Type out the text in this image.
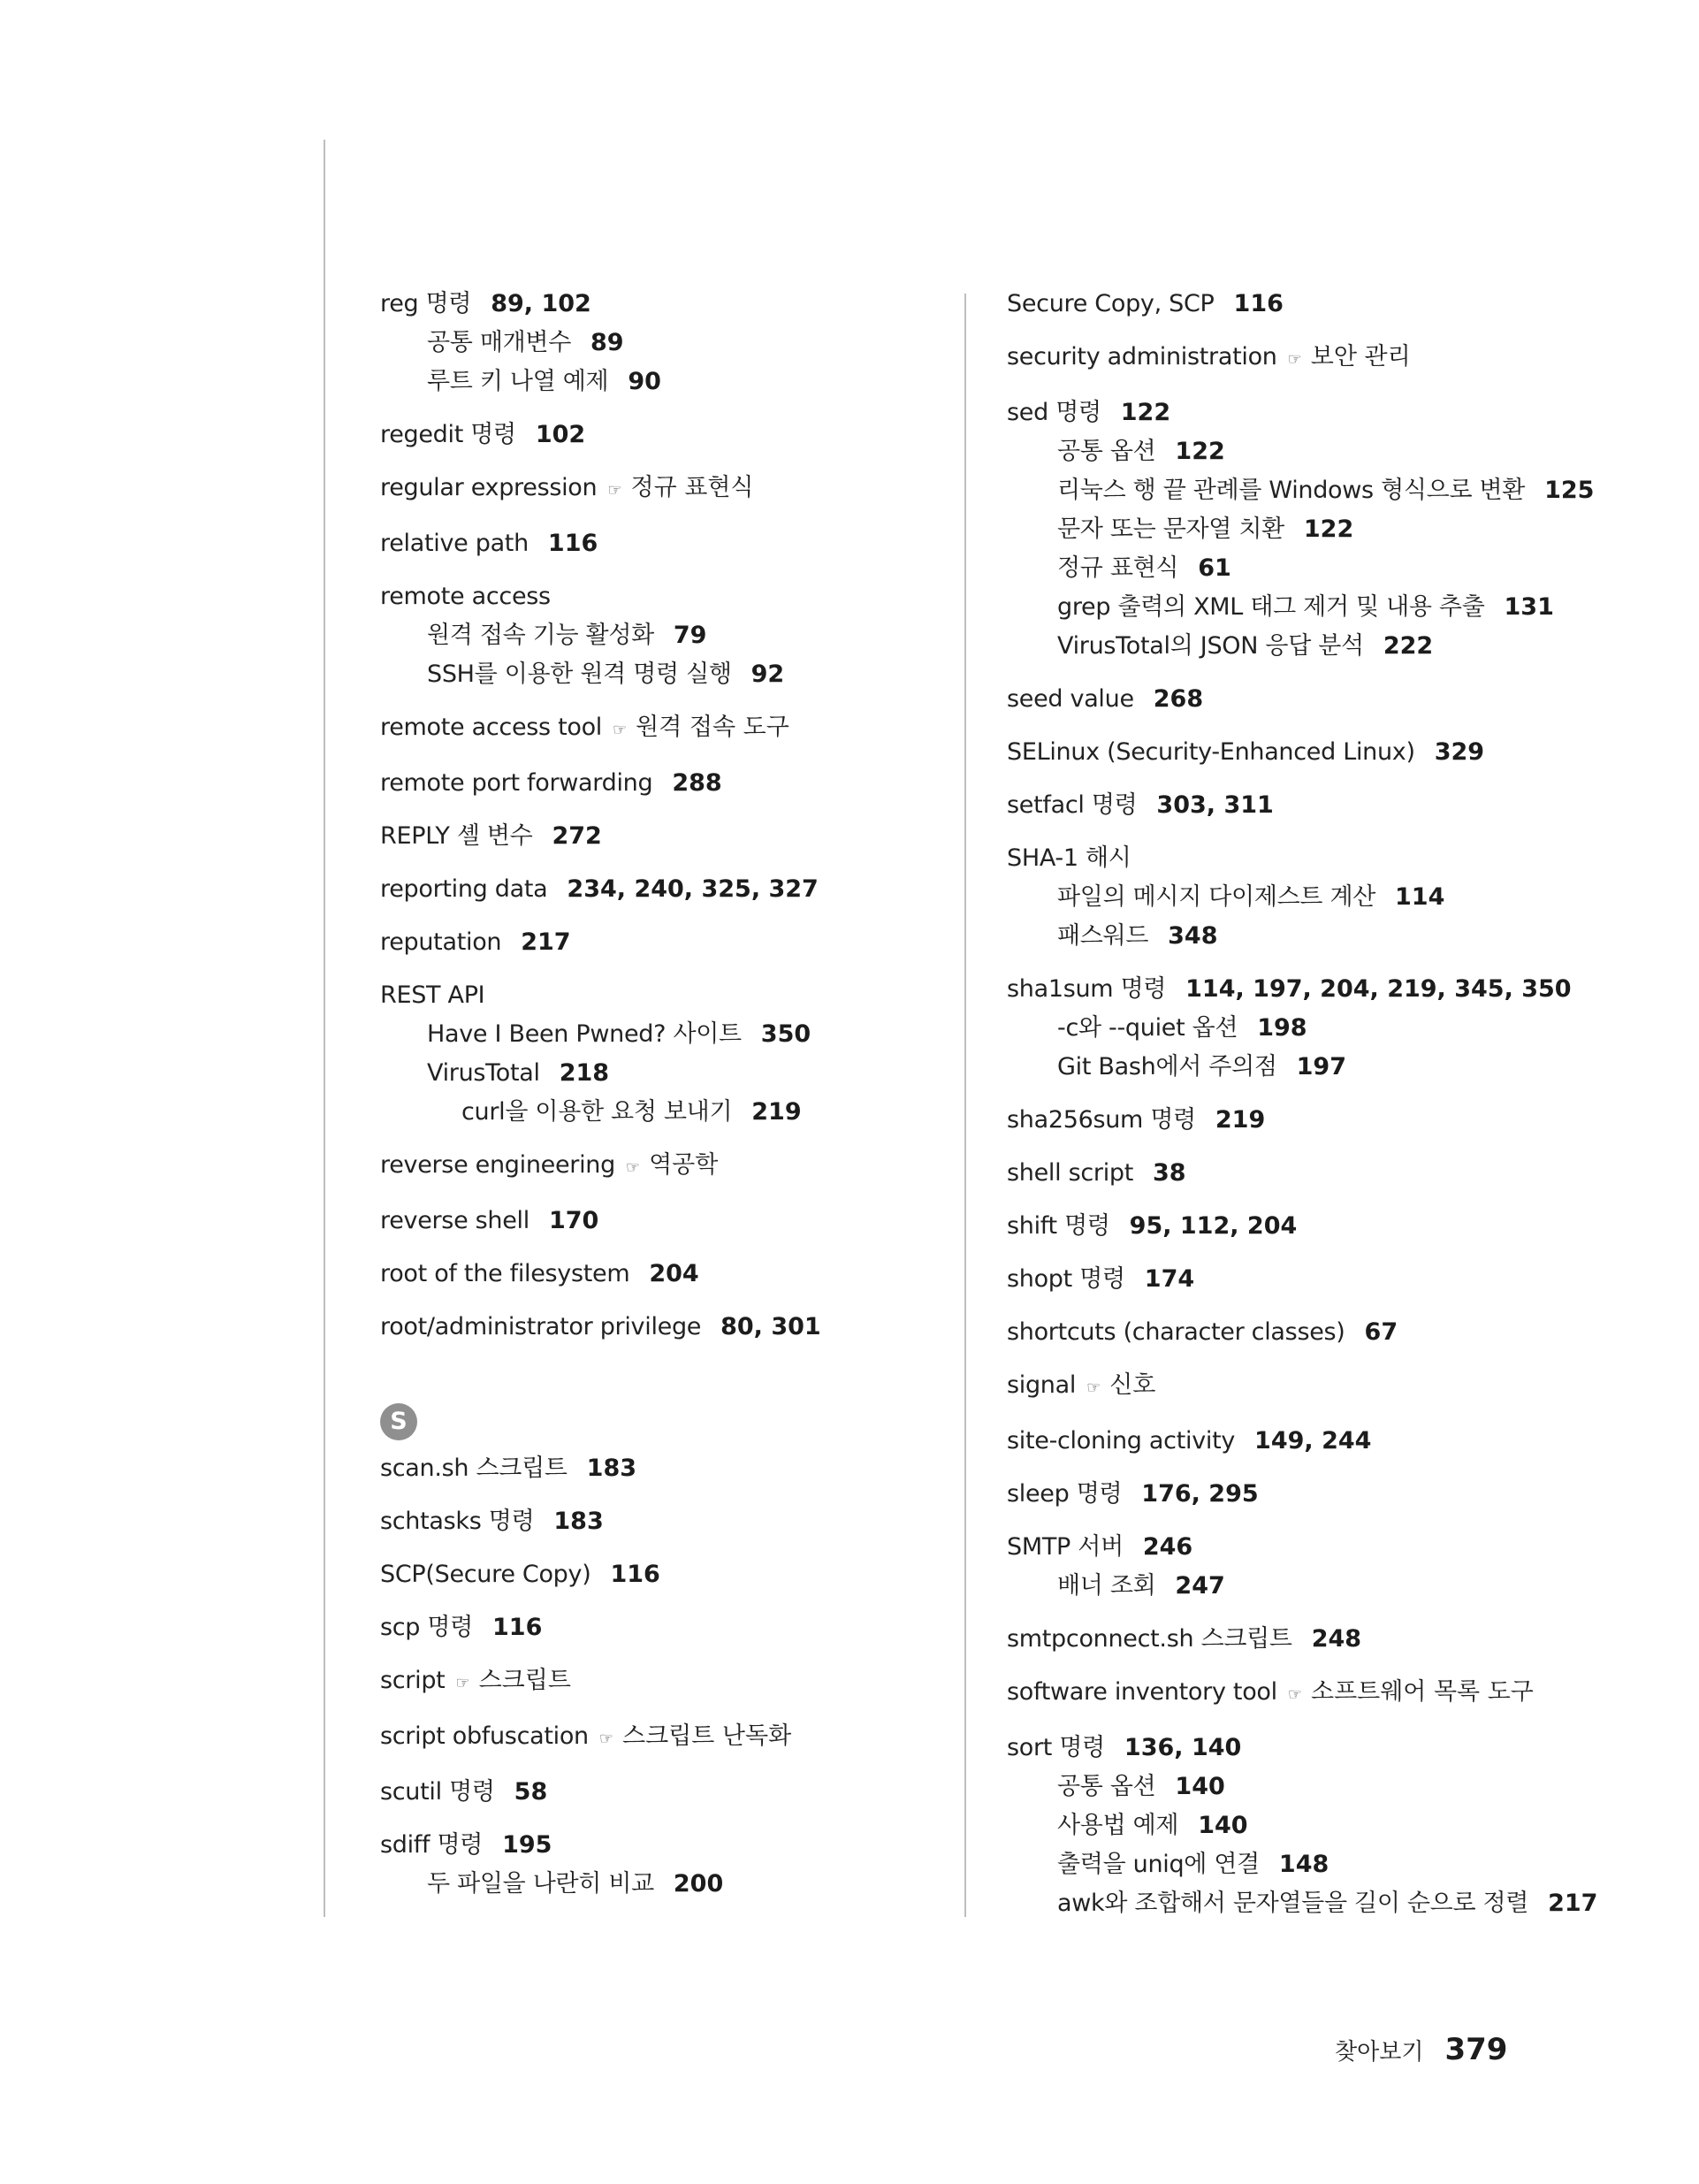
reg 명령 89, 102
공통 매개변수 89
루트 키 나열 예제 90
regedit 명령 102
regular expression ☞ 정규 표현식
relative path 116
remote access
원격 접속 기능 활성화 79
SSH를 이용한 원격 명령 실행 92
remote access tool ☞ 원격 접속 도구
remote port forwarding 288
REPLY 셸 변수 272
reporting data 234, 240, 325, 327
reputation 217
REST API
Have I Been Pwned? 사이트 350
VirusTotal 218
curl을 이용한 요청 보내기 219
reverse engineering ☞ 역공학
reverse shell 170
root of the filesystem 204
root/administrator privilege 80, 301
S
scan.sh 스크립트 183
schtasks 명령 183
SCP(Secure Copy) 116
scp 명령 116
script ☞ 스크립트
script obfuscation ☞ 스크립트 난독화
scutil 명령 58
sdiff 명령 195
두 파일을 나란히 비교 200
Secure Copy, SCP 116
security administration ☞ 보안 관리
sed 명령 122
공통 옵션 122
리눅스 행 끝 관례를 Windows 형식으로 변환 125
문자 또는 문자열 치환 122
정규 표현식 61
grep 출력의 XML 태그 제거 및 내용 추출 131
VirusTotal의 JSON 응답 분석 222
seed value 268
SELinux (Security-Enhanced Linux) 329
setfacl 명령 303, 311
SHA-1 해시
파일의 메시지 다이제스트 계산 114
패스워드 348
sha1sum 명령 114, 197, 204, 219, 345, 350
-c와 --quiet 옵션 198
Git Bash에서 주의점 197
sha256sum 명령 219
shell script 38
shift 명령 95, 112, 204
shopt 명령 174
shortcuts (character classes) 67
signal ☞ 신호
site-cloning activity 149, 244
sleep 명령 176, 295
SMTP 서버 246
배너 조회 247
smtpconnect.sh 스크립트 248
software inventory tool ☞ 소프트웨어 목록 도구
sort 명령 136, 140
공통 옵션 140
사용법 예제 140
출력을 uniq에 연결 148
awk와 조합해서 문자열들을 길이 순으로 정렬 217
찾아보기 379
